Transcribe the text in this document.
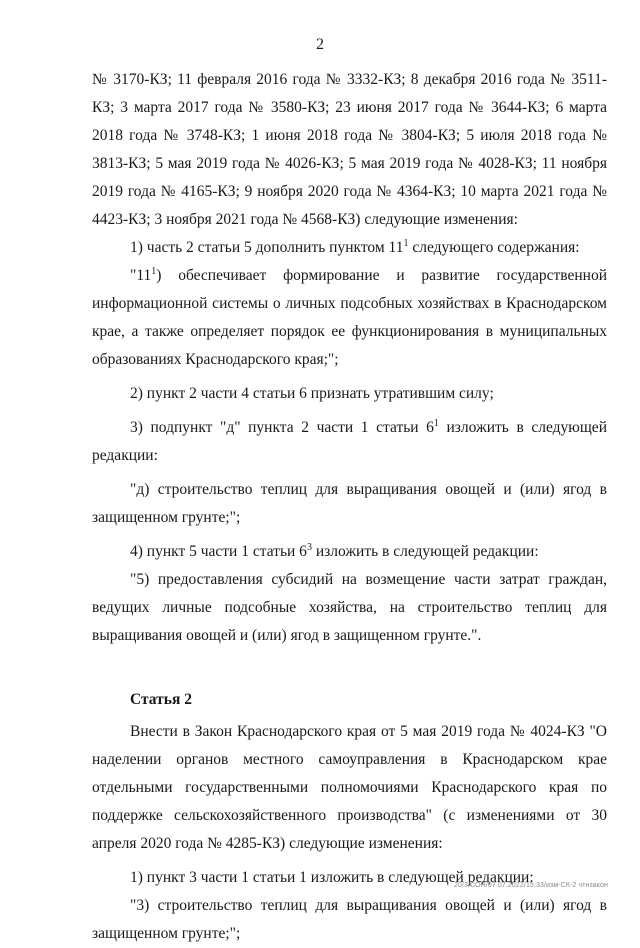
2

№ 3170-КЗ; 11 февраля 2016 года № 3332-КЗ; 8 декабря 2016 года № 3511-КЗ; 3 марта 2017 года № 3580-КЗ; 23 июня 2017 года № 3644-КЗ; 6 марта 2018 года № 3748-КЗ; 1 июня 2018 года № 3804-КЗ; 5 июля 2018 года № 3813-КЗ; 5 мая 2019 года № 4026-КЗ; 5 мая 2019 года № 4028-КЗ; 11 ноября 2019 года № 4165-КЗ; 9 ноября 2020 года № 4364-КЗ; 10 марта 2021 года № 4423-КЗ; 3 ноября 2021 года № 4568-КЗ) следующие изменения:

1) часть 2 статьи 5 дополнить пунктом $11^1$ следующего содержания:

"$11^1$) обеспечивает формирование и развитие государственной информационной системы о личных подсобных хозяйствах в Краснодарском крае, а также определяет порядок ее функционирования в муниципальных образованиях Краснодарского края;";

2) пункт 2 части 4 статьи 6 признать утратившим силу;

3) подпункт "д" пункта 2 части 1 статьи $6^1$ изложить в следующей редакции:

"д) строительство теплиц для выращивания овощей и (или) ягод в защищенном грунте;";

4) пункт 5 части 1 статьи $6^3$ изложить в следующей редакции:

"5) предоставления субсидий на возмещение части затрат граждан, ведущих личные подсобные хозяйства, на строительство теплиц для выращивания овощей и (или) ягод в защищенном грунте.".

Статья 2

Внести в Закон Краснодарского края от 5 мая 2019 года № 4024-КЗ "О наделении органов местного самоуправления в Краснодарском крае отдельными государственными полномочиями Краснодарского края по поддержке сельскохозяйственного производства" (с изменениями от 30 апреля 2020 года № 4285-КЗ) следующие изменения:

1) пункт 3 части 1 статьи 1 изложить в следующей редакции:

"3) строительство теплиц для выращивания овощей и (или) ягод в защищенном грунте;";

20/3/СОН/07.07.2022/15:33/изм-СК-2 чтнзакон
